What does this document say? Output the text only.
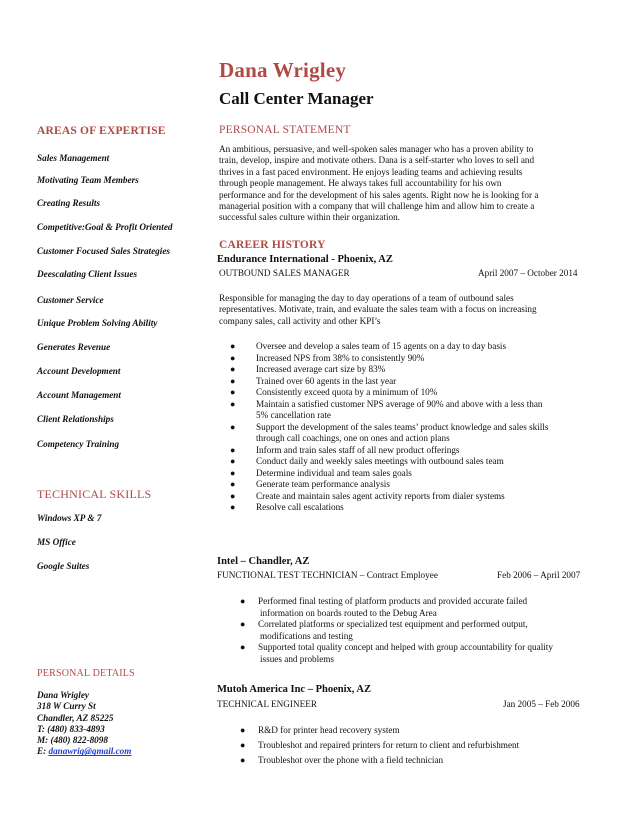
Dana Wrigley
Call Center Manager
AREAS OF EXPERTISE
Sales Management
Motivating Team Members
Creating Results
Competitive:Goal & Profit Oriented
Customer Focused Sales Strategies
Deescalating Client Issues
Customer Service
Unique Problem Solving Ability
Generates Revenue
Account Development
Account Management
Client Relationships
Competency Training
TECHNICAL SKILLS
Windows XP & 7
MS Office
Google Suites
PERSONAL DETAILS
Dana Wrigley
318 W Curry St
Chandler, AZ 85225
T: (480) 833-4893
M: (480) 822-8098
E: danawrig@gmail.com
PERSONAL STATEMENT
An ambitious, persuasive, and well-spoken sales manager who has a proven ability to
train, develop, inspire and motivate others. Dana is a self-starter who loves to sell and
thrives in a fast paced environment. He enjoys leading teams and achieving results
through people management. He always takes full accountability for his own
performance and for the development of his sales agents. Right now he is looking for a
managerial position with a company that will challenge him and allow him to create a
successful sales culture within their organization.
CAREER HISTORY
Endurance International - Phoenix, AZ
OUTBOUND SALES MANAGER	April 2007 – October 2014
Responsible for managing the day to day operations of a team of outbound sales
representatives. Motivate, train, and evaluate the sales team with a focus on increasing
company sales, call activity and other KPI’s
● Oversee and develop a sales team of 15 agents on a day to day basis
● Increased NPS from 38% to consistently 90%
● Increased average cart size by 83%
● Trained over 60 agents in the last year
● Consistently exceed quota by a minimum of 10%
● Maintain a satisfied customer NPS average of 90% and above with a less than
5% cancellation rate
● Support the development of the sales teams’ product knowledge and sales skills
through call coachings, one on ones and action plans
● Inform and train sales staff of all new product offerings
● Conduct daily and weekly sales meetings with outbound sales team
● Determine individual and team sales goals
● Generate team performance analysis
● Create and maintain sales agent activity reports from dialer systems
● Resolve call escalations
Intel – Chandler, AZ
FUNCTIONAL TEST TECHNICIAN – Contract Employee	Feb 2006 – April 2007
● Performed final testing of platform products and provided accurate failed
information on boards routed to the Debug Area
● Correlated platforms or specialized test equipment and performed output,
modifications and testing
● Supported total quality concept and helped with group accountability for quality
issues and problems
Mutoh America Inc – Phoenix, AZ
TECHNICAL ENGINEER	Jan 2005 – Feb 2006
● R&D for printer head recovery system
● Troubleshot and repaired printers for return to client and refurbishment
● Troubleshot over the phone with a field technician
